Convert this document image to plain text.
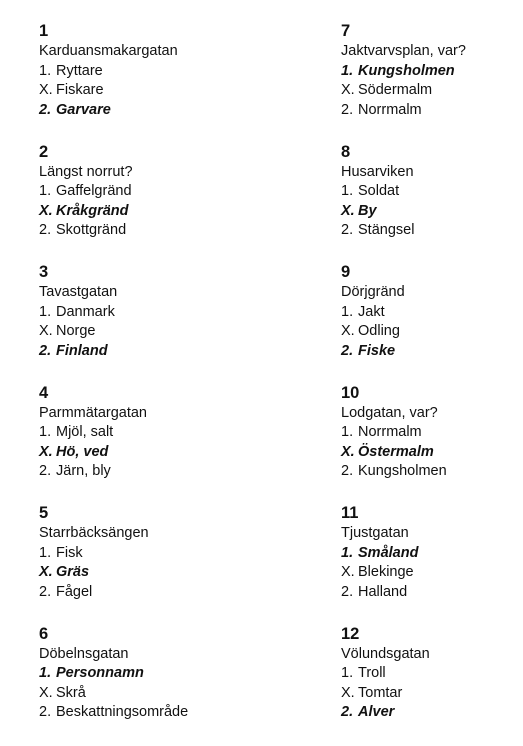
1
Karduansmakargatan
1. Ryttare
X. Fiskare
2. Garvare
2
Längst norrut?
1. Gaffelgränd
X. Kråkgränd
2. Skottgränd
3
Tavastgatan
1. Danmark
X. Norge
2. Finland
4
Parmmätargatan
1. Mjöl, salt
X. Hö, ved
2. Järn, bly
5
Starrbäcksängen
1. Fisk
X. Gräs
2. Fågel
6
Döbelnsgatan
1. Personnamn
X. Skrå
2. Beskattningsområde
7
Jaktvarvsplan, var?
1. Kungsholmen
X. Södermalm
2. Norrmalm
8
Husarviken
1. Soldat
X. By
2. Stängsel
9
Dörjgränd
1. Jakt
X. Odling
2. Fiske
10
Lodgatan, var?
1. Norrmalm
X. Östermalm
2. Kungsholmen
11
Tjustgatan
1. Småland
X. Blekinge
2. Halland
12
Völundsgatan
1. Troll
X. Tomtar
2. Alver
